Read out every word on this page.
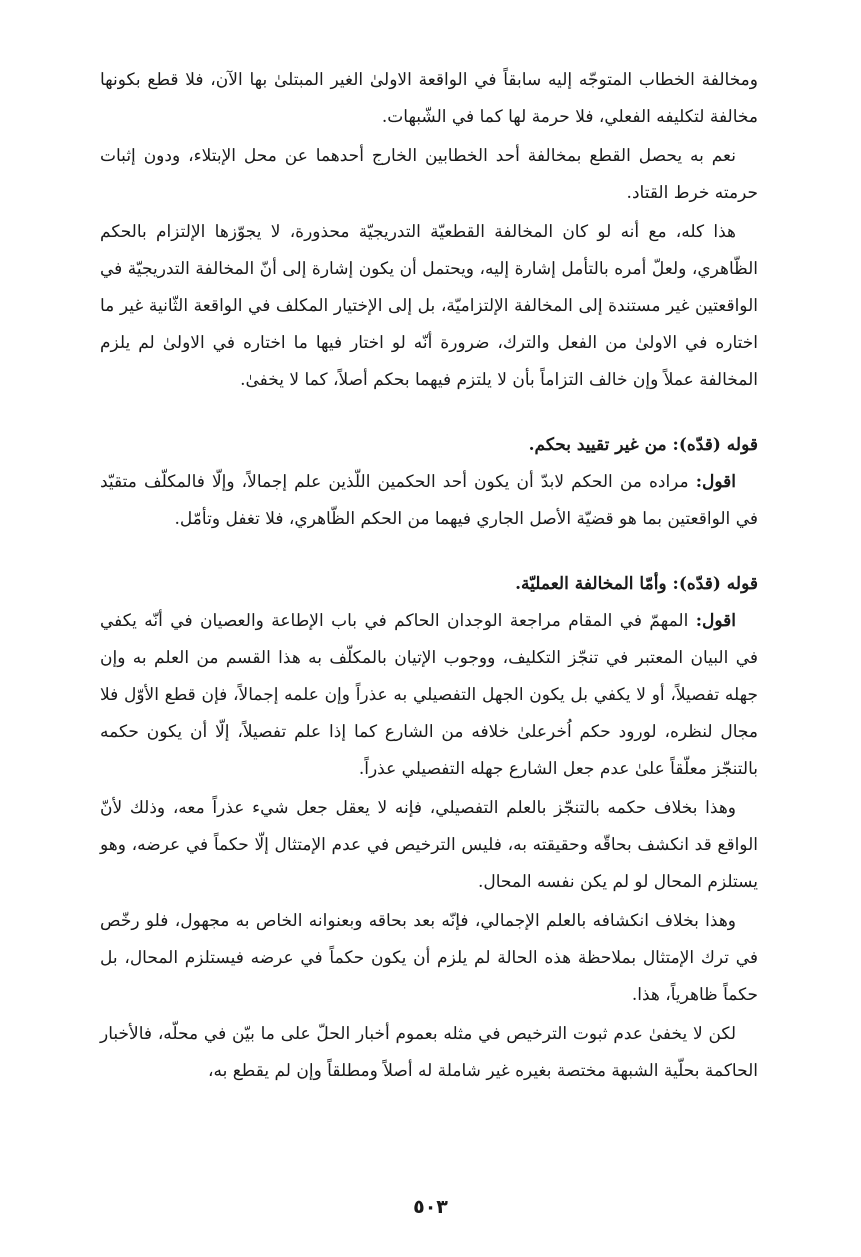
ومخالفة الخطاب المتوجّه إليه سابقاً في الواقعة الاولىٰ الغير المبتلىٰ بها الآن، فلا قطع بكونها مخالفة لتكليفه الفعلي، فلا حرمة لها كما في الشّبهات.

نعم به يحصل القطع بمخالفة أحد الخطابين الخارج أحدهما عن محل الإبتلاء، ودون إثبات حرمته خرط القتاد.

هذا كله، مع أنه لو كان المخالفة القطعيّة التدريجيّة محذورة، لا يجوّزها الإلتزام بالحكم الظّاهري، ولعلّ أمره بالتأمل إشارة إليه، ويحتمل أن يكون إشارة إلى أنّ المخالفة التدريجيّة في الواقعتين غير مستندة إلى المخالفة الإلتزاميّة، بل إلى الإختيار المكلف في الواقعة الثّانية غير ما اختاره في الاولىٰ من الفعل والترك، ضرورة أنّه لو اختار فيها ما اختاره في الاولىٰ لم يلزم المخالفة عملاً وإن خالف التزاماً بأن لا يلتزم فيهما بحكم أصلاً، كما لا يخفىٰ.

قوله (قدّه): من غير تقييد بحكم.

اقول: مراده من الحكم لابدّ أن يكون أحد الحكمين اللّذين علم إجمالاً، وإلّا فالمكلّف متقيّد في الواقعتين بما هو قضيّة الأصل الجاري فيهما من الحكم الظّاهري، فلا تغفل وتأمّل.

قوله (قدّه): وأمّا المخالفة العمليّة.

اقول: المهمّ في المقام مراجعة الوجدان الحاكم في باب الإطاعة والعصيان في أنّه يكفي في البيان المعتبر في تنجّز التكليف، ووجوب الإتيان بالمكلّف به هذا القسم من العلم به وإن جهله تفصيلاً، أو لا يكفي بل يكون الجهل التفصيلي به عذراً وإن علمه إجمالاً، فإن قطع الأوّل فلا مجال لنظره، لورود حكم اُخرعلىٰ خلافه من الشارع كما إذا علم تفصيلاً، إلّا أن يكون حكمه بالتنجّز معلّقاً علىٰ عدم جعل الشارع جهله التفصيلي عذراً.

وهذا بخلاف حكمه بالتنجّز بالعلم التفصيلي، فإنه لا يعقل جعل شيء عذراً معه، وذلك لأنّ الواقع قد انكشف بحاقّه وحقيقته به، فليس الترخيص في عدم الإمتثال إلّا حكماً في عرضه، وهو يستلزم المحال لو لم يكن نفسه المحال.

وهذا بخلاف انكشافه بالعلم الإجمالي، فإنّه بعد بحاقه وبعنوانه الخاص به مجهول، فلو رخّص في ترك الإمتثال بملاحظة هذه الحالة لم يلزم أن يكون حكماً في عرضه فيستلزم المحال، بل حكماً ظاهرياً، هذا.

لكن لا يخفىٰ عدم ثبوت الترخيص في مثله بعموم أخبار الحلّ على ما بيّن في محلّه، فالأخبار الحاكمة بحلّية الشبهة مختصة بغيره غير شاملة له أصلاً ومطلقاً وإن لم يقطع به،

٥٠٣
